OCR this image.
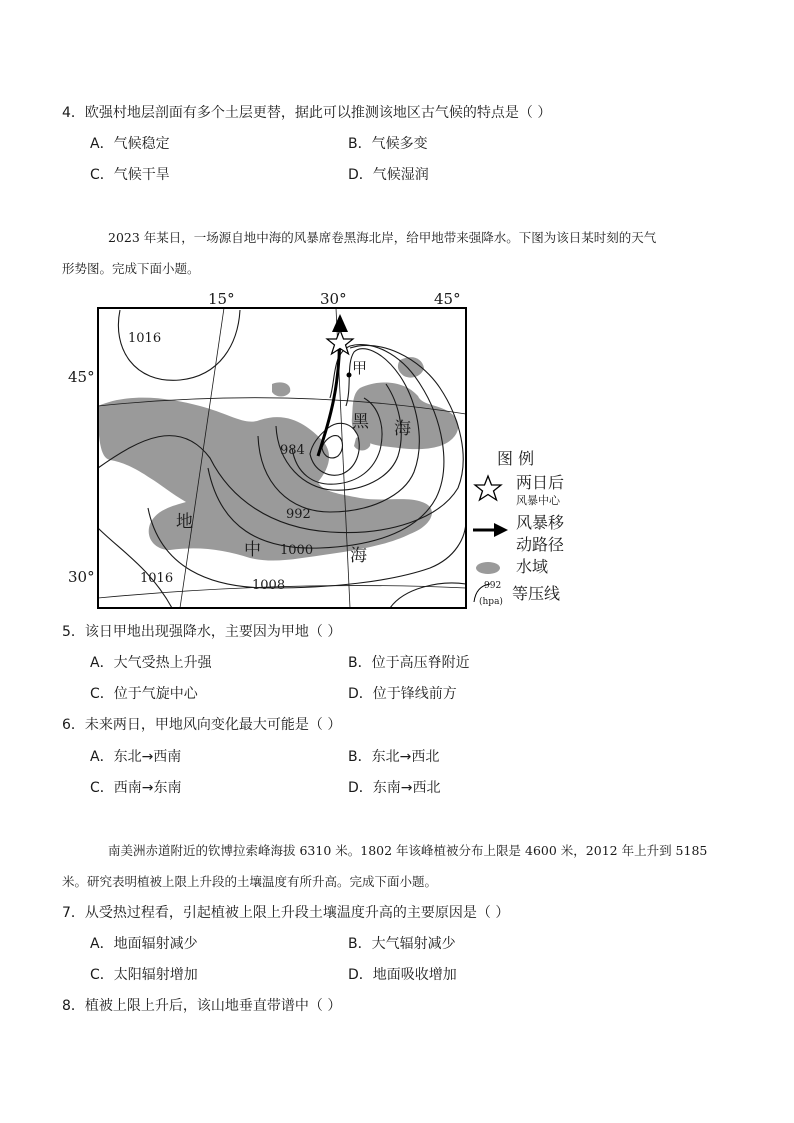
4．欧强村地层剖面有多个土层更替，据此可以推测该地区古气候的特点是（ ）
A．气候稳定	B．气候多变
C．气候干旱	D．气候湿润
2023 年某日，一场源自地中海的风暴席卷黑海北岸，给甲地带来强降水。下图为该日某时刻的天气
形势图。完成下面小题。
甲
黑 海
地
中	海
1016
984
992
1000
1008
1016
15°	30°	45°
45°
30°
图 例
两日后
风暴中心
风暴移
动路径
水域
992
(hpa) 等压线
5．该日甲地出现强降水，主要因为甲地（ ）
A．大气受热上升强	B．位于高压脊附近
C．位于气旋中心	D．位于锋线前方
6．未来两日，甲地风向变化最大可能是（ ）
A．东北→西南	B．东北→西北
C．西南→东南	D．东南→西北
南美洲赤道附近的钦博拉索峰海拔 6310 米。1802 年该峰植被分布上限是 4600 米，2012 年上升到 5185
米。研究表明植被上限上升段的土壤温度有所升高。完成下面小题。
7．从受热过程看，引起植被上限上升段土壤温度升高的主要原因是（ ）
A．地面辐射减少	B．大气辐射减少
C．太阳辐射增加	D．地面吸收增加
8．植被上限上升后，该山地垂直带谱中（ ）
